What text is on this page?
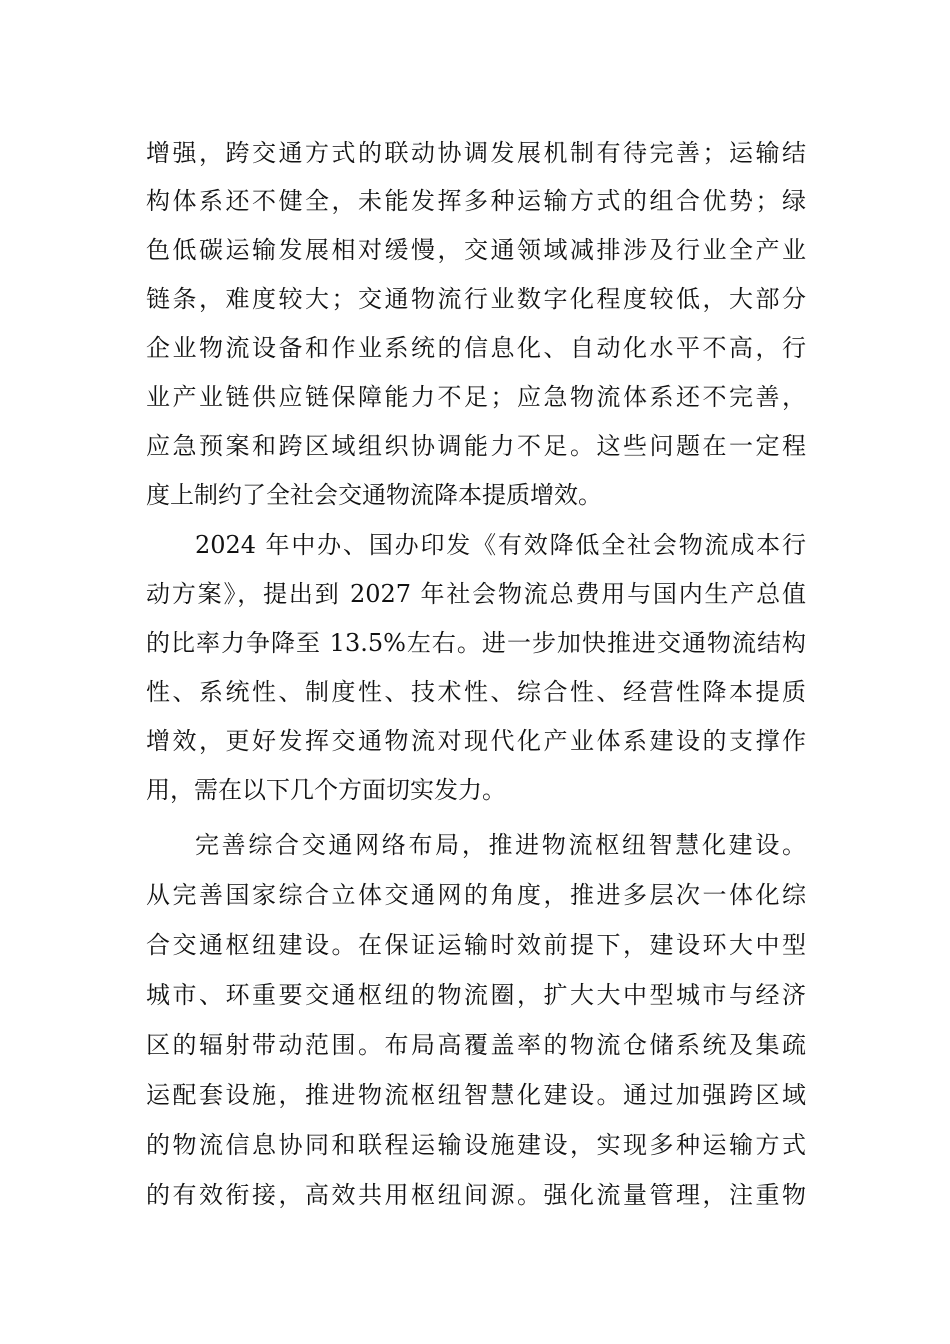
增强，跨交通方式的联动协调发展机制有待完善；运输结
构体系还不健全，未能发挥多种运输方式的组合优势；绿
色低碳运输发展相对缓慢，交通领域减排涉及行业全产业
链条，难度较大；交通物流行业数字化程度较低，大部分
企业物流设备和作业系统的信息化、自动化水平不高，行
业产业链供应链保障能力不足；应急物流体系还不完善，
应急预案和跨区域组织协调能力不足。这些问题在一定程
度上制约了全社会交通物流降本提质增效。
2024 年中办、国办印发《有效降低全社会物流成本行
动方案》，提出到 2027 年社会物流总费用与国内生产总值
的比率力争降至 13.5%左右。进一步加快推进交通物流结构
性、系统性、制度性、技术性、综合性、经营性降本提质
增效，更好发挥交通物流对现代化产业体系建设的支撑作
用，需在以下几个方面切实发力。
完善综合交通网络布局，推进物流枢纽智慧化建设。
从完善国家综合立体交通网的角度，推进多层次一体化综
合交通枢纽建设。在保证运输时效前提下，建设环大中型
城市、环重要交通枢纽的物流圈，扩大大中型城市与经济
区的辐射带动范围。布局高覆盖率的物流仓储系统及集疏
运配套设施，推进物流枢纽智慧化建设。通过加强跨区域
的物流信息协同和联程运输设施建设，实现多种运输方式
的有效衔接，高效共用枢纽间源。强化流量管理，注重物
